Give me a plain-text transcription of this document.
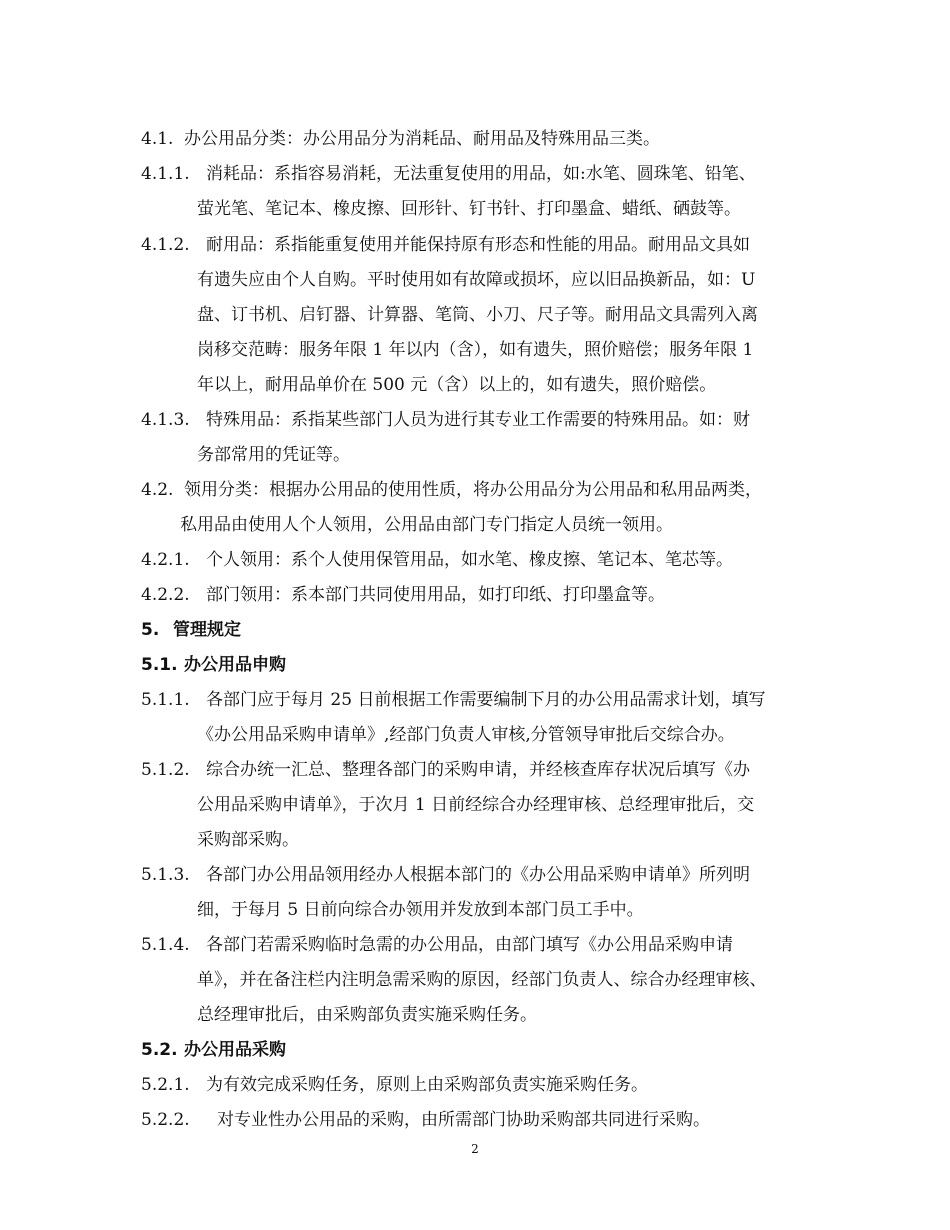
4.1. 办公用品分类：办公用品分为消耗品、耐用品及特殊用品三类。
4.1.1. 消耗品：系指容易消耗，无法重复使用的用品，如:水笔、圆珠笔、铅笔、
萤光笔、笔记本、橡皮擦、回形针、钉书针、打印墨盒、蜡纸、硒鼓等。
4.1.2. 耐用品：系指能重复使用并能保持原有形态和性能的用品。耐用品文具如
有遗失应由个人自购。平时使用如有故障或损坏，应以旧品换新品，如：U
盘、订书机、启钉器、计算器、笔筒、小刀、尺子等。耐用品文具需列入离
岗移交范畴：服务年限 1 年以内（含），如有遗失，照价赔偿；服务年限 1
年以上，耐用品单价在 500 元（含）以上的，如有遗失，照价赔偿。
4.1.3. 特殊用品：系指某些部门人员为进行其专业工作需要的特殊用品。如：财
务部常用的凭证等。
4.2. 领用分类：根据办公用品的使用性质，将办公用品分为公用品和私用品两类，
私用品由使用人个人领用，公用品由部门专门指定人员统一领用。
4.2.1. 个人领用：系个人使用保管用品，如水笔、橡皮擦、笔记本、笔芯等。
4.2.2. 部门领用：系本部门共同使用用品，如打印纸、打印墨盒等。
5. 管理规定
5.1. 办公用品申购
5.1.1. 各部门应于每月 25 日前根据工作需要编制下月的办公用品需求计划，填写
《办公用品采购申请单》,经部门负责人审核,分管领导审批后交综合办。
5.1.2. 综合办统一汇总、整理各部门的采购申请，并经核查库存状况后填写《办
公用品采购申请单》，于次月 1 日前经综合办经理审核、总经理审批后，交
采购部采购。
5.1.3. 各部门办公用品领用经办人根据本部门的《办公用品采购申请单》所列明
细，于每月 5 日前向综合办领用并发放到本部门员工手中。
5.1.4. 各部门若需采购临时急需的办公用品，由部门填写《办公用品采购申请
单》，并在备注栏内注明急需采购的原因，经部门负责人、综合办经理审核、
总经理审批后，由采购部负责实施采购任务。
5.2. 办公用品采购
5.2.1. 为有效完成采购任务，原则上由采购部负责实施采购任务。
5.2.2. 对专业性办公用品的采购，由所需部门协助采购部共同进行采购。
2
